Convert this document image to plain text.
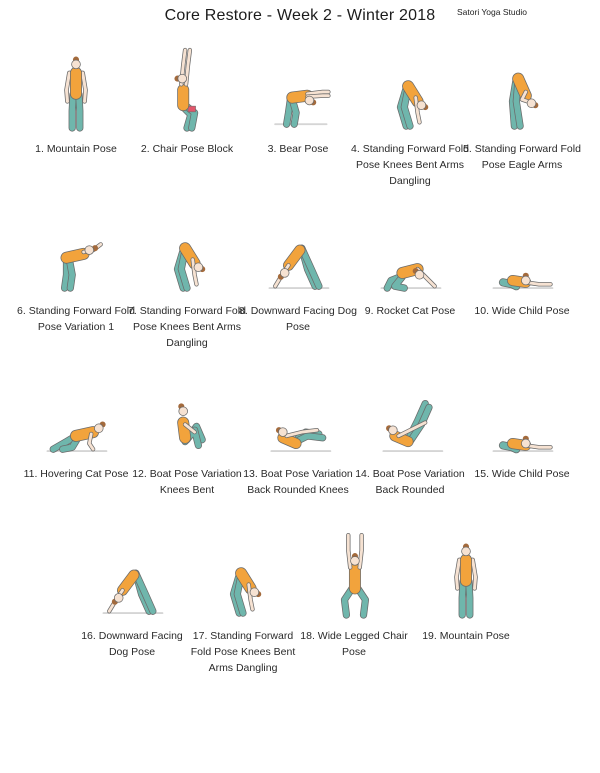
Core Restore - Week 2 - Winter 2018	Satori Yoga Studio
1. Mountain Pose	2. Chair Pose Block	3. Bear Pose	4. Standing Forward Fold Pose Knees Bent Arms Dangling
5. Standing Forward Fold Pose Eagle Arms
6. Standing Forward Fold Pose Variation 1
7. Standing Forward Fold Pose Knees Bent Arms Dangling
8. Downward Facing Dog Pose
9. Rocket Cat Pose	10. Wide Child Pose
11. Hovering Cat Pose 12. Boat Pose Variation Knees Bent
13. Boat Pose Variation Back Rounded Knees
14. Boat Pose Variation Back Rounded
15. Wide Child Pose
16. Downward Facing Dog Pose
17. Standing Forward Fold Pose Knees Bent Arms Dangling
18. Wide Legged Chair Pose
19. Mountain Pose
